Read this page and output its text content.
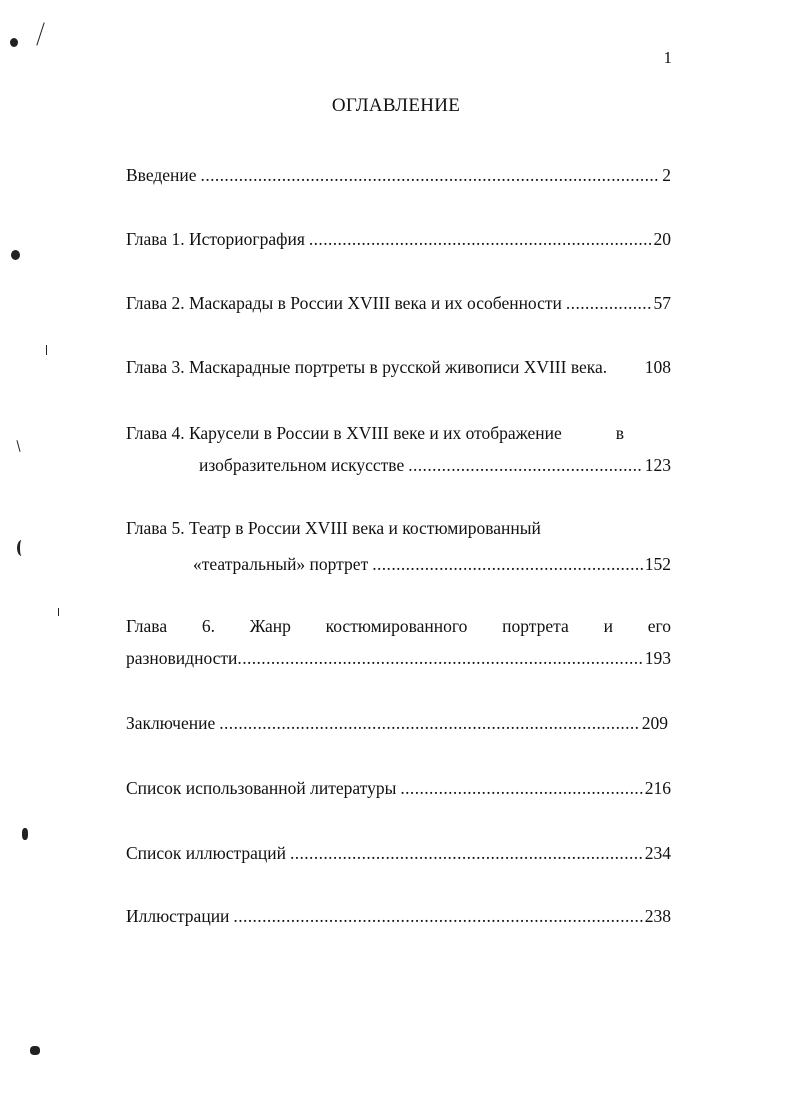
1
ОГЛАВЛЕНИЕ
Введение .....	2
Глава 1. Историография .....	20
Глава 2. Маскарады в России XVIII века и их особенности .....	57
Глава 3. Маскарадные портреты в русской живописи XVIII века. 108
Глава 4. Карусели в России в XVIII веке и их отображение	в
изобразительном искусстве .....	123
Глава 5. Театр в России XVIII века и костюмированный
«театральный» портрет .....	152
Глава 6. Жанр костюмированного портрета и его
разновидности .....	193
Заключение .....	209
Список использованной литературы .....	216
Список иллюстраций .....	234
Иллюстрации .....	238
